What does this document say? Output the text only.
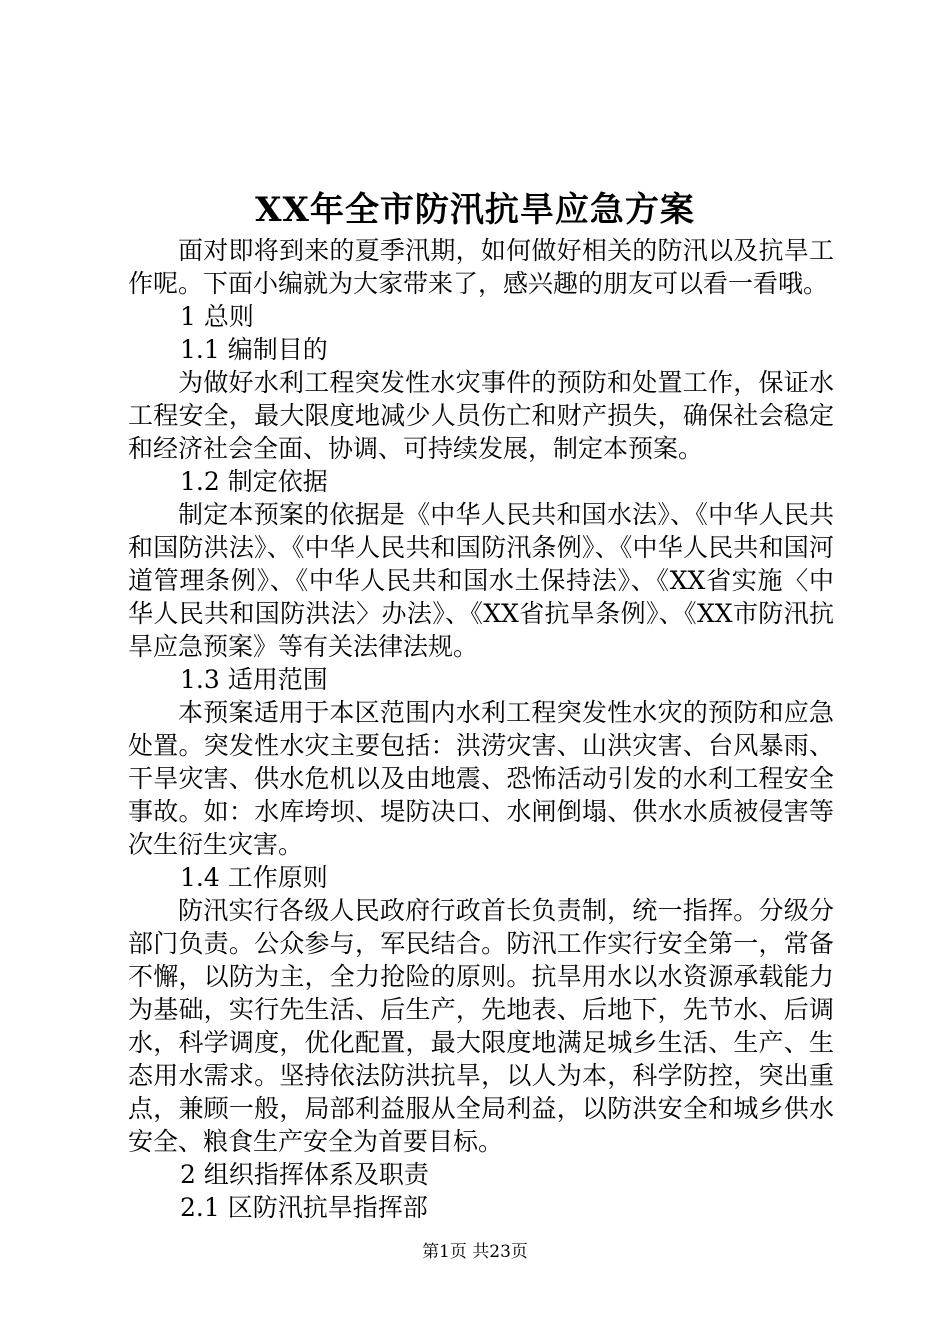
XX年全市防汛抗旱应急方案

面对即将到来的夏季汛期，如何做好相关的防汛以及抗旱工作呢。下面小编就为大家带来了，感兴趣的朋友可以看一看哦。

1 总则

1.1 编制目的

为做好水利工程突发性水灾事件的预防和处置工作，保证水工程安全，最大限度地减少人员伤亡和财产损失，确保社会稳定和经济社会全面、协调、可持续发展，制定本预案。

1.2 制定依据

制定本预案的依据是《中华人民共和国水法》、《中华人民共和国防洪法》、《中华人民共和国防汛条例》、《中华人民共和国河道管理条例》、《中华人民共和国水土保持法》、《XX省实施〈中华人民共和国防洪法〉办法》、《XX省抗旱条例》、《XX市防汛抗旱应急预案》等有关法律法规。

1.3 适用范围

本预案适用于本区范围内水利工程突发性水灾的预防和应急处置。突发性水灾主要包括：洪涝灾害、山洪灾害、台风暴雨、干旱灾害、供水危机以及由地震、恐怖活动引发的水利工程安全事故。如：水库垮坝、堤防决口、水闸倒塌、供水水质被侵害等次生衍生灾害。

1.4 工作原则

防汛实行各级人民政府行政首长负责制，统一指挥。分级分部门负责。公众参与，军民结合。防汛工作实行安全第一，常备不懈，以防为主，全力抢险的原则。抗旱用水以水资源承载能力为基础，实行先生活、后生产，先地表、后地下，先节水、后调水，科学调度，优化配置，最大限度地满足城乡生活、生产、生态用水需求。坚持依法防洪抗旱，以人为本，科学防控，突出重点，兼顾一般，局部利益服从全局利益，以防洪安全和城乡供水安全、粮食生产安全为首要目标。

2 组织指挥体系及职责

2.1 区防汛抗旱指挥部

第1页 共23页
